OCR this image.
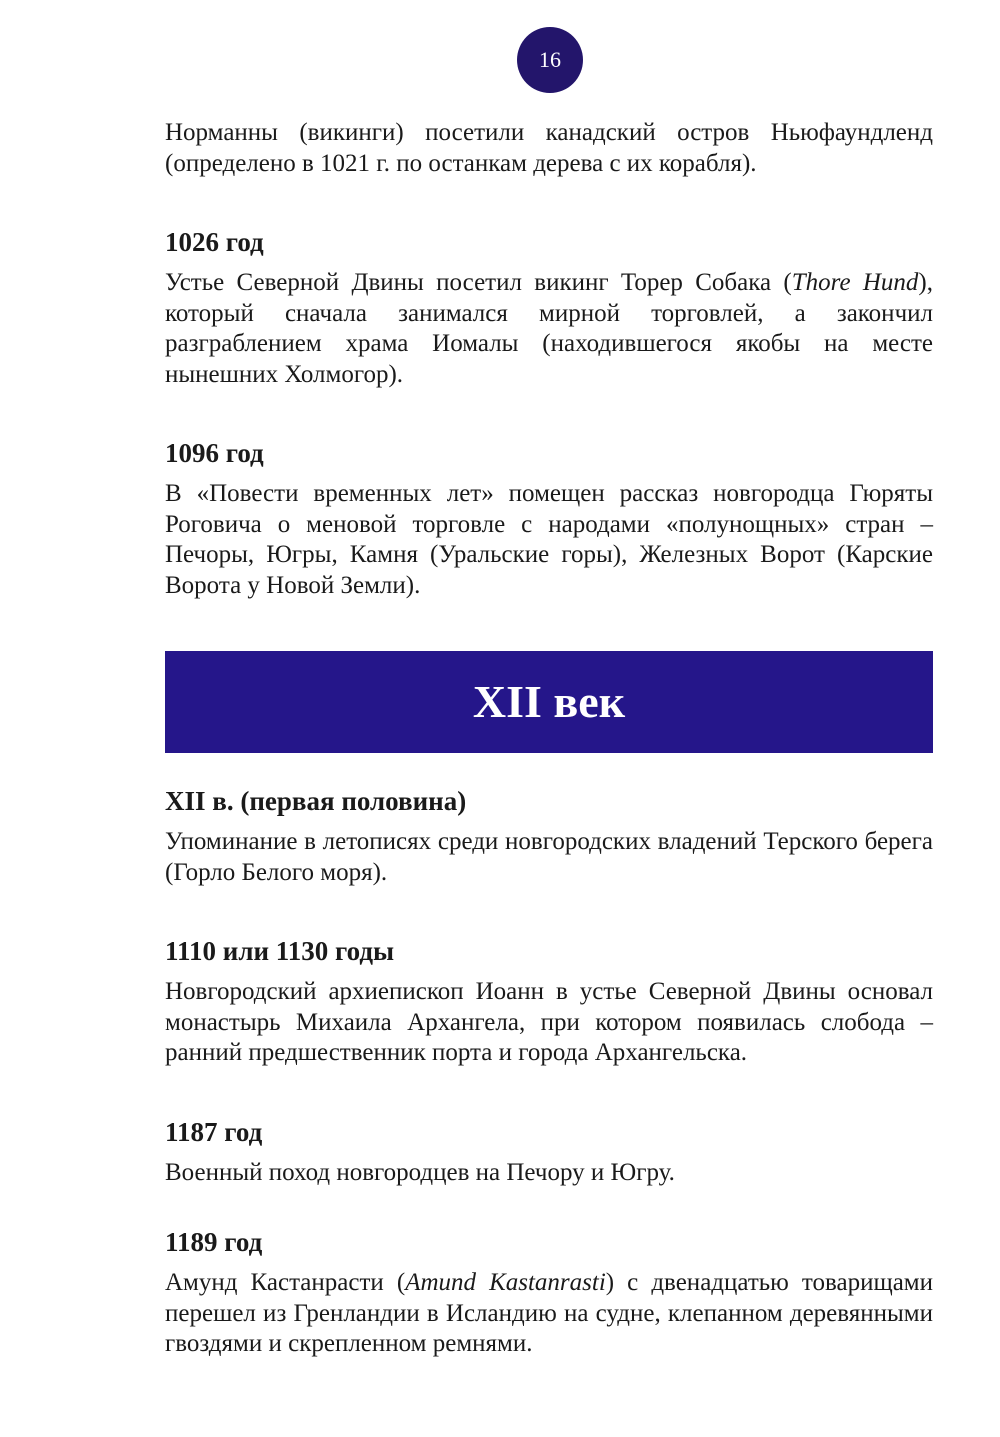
16

Норманны (викинги) посетили канадский остров Ньюфаундленд (определено в 1021 г. по останкам дерева с их корабля).

1026 год

Устье Северной Двины посетил викинг Торер Собака (Thore Hund), который сначала занимался мирной торговлей, а закончил разграблением храма Иомалы (находившегося якобы на месте нынешних Холмогор).

1096 год

В «Повести временных лет» помещен рассказ новгородца Гюряты Роговича о меновой торговле с народами «полунощных» стран – Печоры, Югры, Камня (Уральские горы), Железных Ворот (Карские Ворота у Новой Земли).

XII век
XII в. (первая половина)

Упоминание в летописях среди новгородских владений Терского берега (Горло Белого моря).

1110 или 1130 годы

Новгородский архиепископ Иоанн в устье Северной Двины основал монастырь Михаила Архангела, при котором появилась слобода – ранний предшественник порта и города Архангельска.

1187 год

Военный поход новгородцев на Печору и Югру.

1189 год

Амунд Кастанрасти (Amund Kastanrasti) с двенадцатью товарищами перешел из Гренландии в Исландию на судне, клепанном деревянными гвоздями и скрепленном ремнями.
